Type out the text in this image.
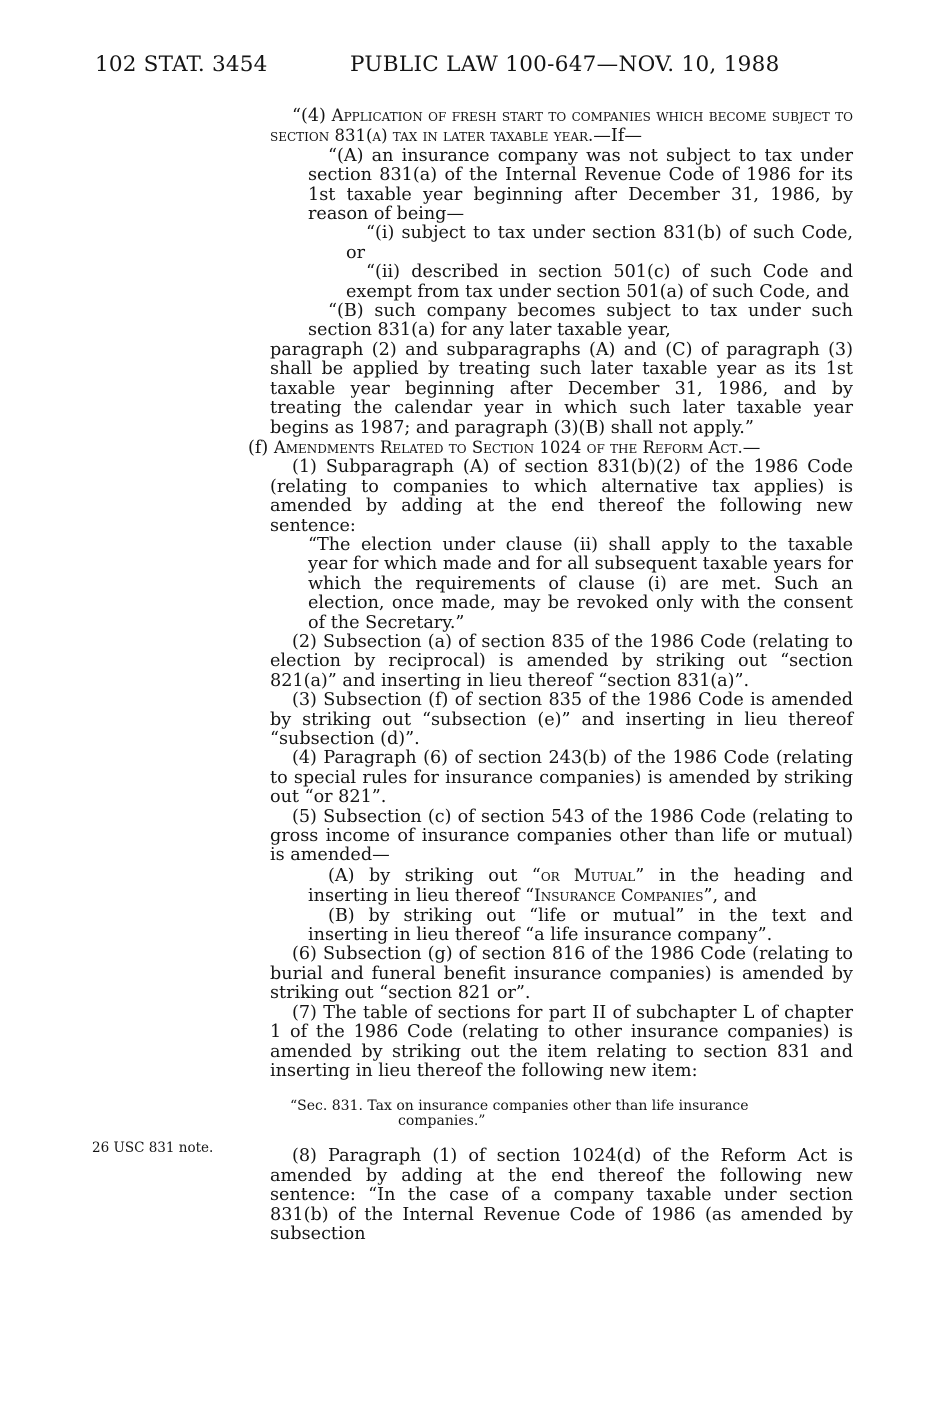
102 STAT. 3454	PUBLIC LAW 100-647—NOV. 10, 1988

“(4) Application of fresh start to companies which become subject to section 831(a) tax in later taxable year.—If—

“(A) an insurance company was not subject to tax under section 831(a) of the Internal Revenue Code of 1986 for its 1st taxable year beginning after December 31, 1986, by reason of being—

“(i) subject to tax under section 831(b) of such Code, or

“(ii) described in section 501(c) of such Code and exempt from tax under section 501(a) of such Code, and

“(B) such company becomes subject to tax under such section 831(a) for any later taxable year,

paragraph (2) and subparagraphs (A) and (C) of paragraph (3) shall be applied by treating such later taxable year as its 1st taxable year beginning after December 31, 1986, and by treating the calendar year in which such later taxable year begins as 1987; and paragraph (3)(B) shall not apply.”

(f) Amendments Related to Section 1024 of the Reform Act.—

(1) Subparagraph (A) of section 831(b)(2) of the 1986 Code (relating to companies to which alternative tax applies) is amended by adding at the end thereof the following new sentence:

“The election under clause (ii) shall apply to the taxable year for which made and for all subsequent taxable years for which the requirements of clause (i) are met. Such an election, once made, may be revoked only with the consent of the Secretary.”

(2) Subsection (a) of section 835 of the 1986 Code (relating to election by reciprocal) is amended by striking out “section 821(a)” and inserting in lieu thereof “section 831(a)”.

(3) Subsection (f) of section 835 of the 1986 Code is amended by striking out “subsection (e)” and inserting in lieu thereof “subsection (d)”.

(4) Paragraph (6) of section 243(b) of the 1986 Code (relating to special rules for insurance companies) is amended by striking out “or 821”.

(5) Subsection (c) of section 543 of the 1986 Code (relating to gross income of insurance companies other than life or mutual) is amended—

(A) by striking out “or Mutual” in the heading and inserting in lieu thereof “Insurance Companies”, and

(B) by striking out “life or mutual” in the text and inserting in lieu thereof “a life insurance company”.

(6) Subsection (g) of section 816 of the 1986 Code (relating to burial and funeral benefit insurance companies) is amended by striking out “section 821 or”.

(7) The table of sections for part II of subchapter L of chapter 1 of the 1986 Code (relating to other insurance companies) is amended by striking out the item relating to section 831 and inserting in lieu thereof the following new item:

“Sec. 831. Tax on insurance companies other than life insurance
companies.”

(8) Paragraph (1) of section 1024(d) of the Reform Act is amended by adding at the end thereof the following new sentence: “In the case of a company taxable under section 831(b) of the Internal Revenue Code of 1986 (as amended by subsection

26 USC 831 note.
